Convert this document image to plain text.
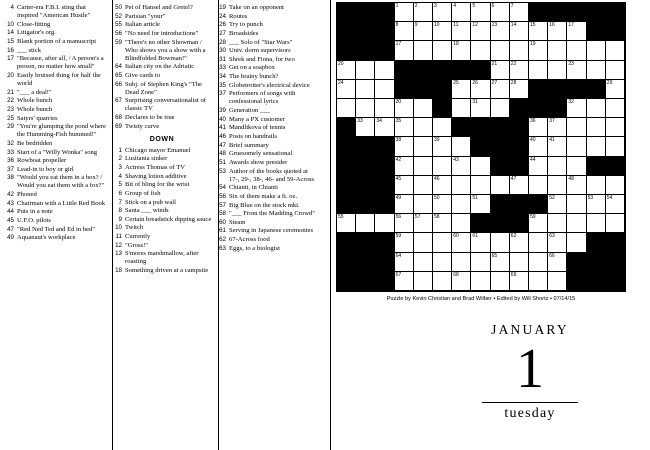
4 Carter-era F.B.I. sting that inspired "American Hustle"
10 Close-fitting
14 Litigator's org.
15 Blank portion of a manuscript
16 ___ stick
17 "Because, after all, / A person's a person, no matter how small"
20 Easily bruised thing for half the world
21 "___ a deal!"
22 Whole bunch
23 Whole bunch
25 Satyrs' quarries
29 "You're glumping the pond where the Humming-Fish hummed!"
32 Be bedridden
33 Start of a "Willy Wonka" song
36 Rowboat propeller
37 Lead-in to boy or girl
38 "Would you eat them in a box? / Would you eat them with a fox?"
42 Phoned
43 Chairman with a Little Red Book
44 Puts in a note
45 U.F.O. pilots
47 "Red Ned Ted and Ed in bed"
49 Aquanaut's workplace
50 Pet of Hansel and Gretel?
52 Parisian "your"
55 Italian article
56 "No need for introductions"
59 "There's no other Showman / Who shows you a show with a Blindfolded Bowman!"
64 Italian city on the Adriatic
65 Give cards to
66 Subj. of Stephen King's "The Dead Zone"
67 Surprising conversationalist of classic TV
68 Declares to be true
69 Twisty curve
DOWN
1 Chicago mayor Emanuel
2 Lusitania sinker
3 Actress Thomas of TV
4 Shaving lotion additive
5 Bit of bling for the wrist
6 Group of fish
7 Stick on a pub wall
8 Santa ___ winds
9 Certain breadstick dipping sauce
10 Twitch
11 Currently
12 "Gross!"
13 S'mores marshmallow, after roasting
18 Something driven at a campsite
19 Take on an opponent
24 Routes
26 Try to punch
27 Broadsides
28 ___ Solo of "Star Wars"
30 Univ. dorm supervisors
31 Shrek and Fiona, for two
33 Get on a soapbox
34 The brainy bunch?
35 Globetrotter's electrical device
37 Performers of songs with confessional lyrics
39 Generation ___
40 Many a PX customer
41 Mandlikova of tennis
46 Posts on handrails
47 Brief summary
48 Gruesomely sensational
51 Awards show presider
53 Author of the books quoted at 17-, 29-, 38-, 46- and 59-Across
54 Chianti, in Chianti
56 Six of them make a ft. oz.
57 Big Blue on the stock mkt.
58 "___ From the Madding Crowd"
60 Steam
61 Serving in Japanese ceremonies
62 67-Across food
63 Eggs, to a biologist
1	2	3	4	5	6	7
8	9	10	11	12	13	14	15	16	17
17	18	19
20	21	22	23
24	25	26	27	28	29
30	31	32
33	34	35	36	37
38	39	40	41
42	43	44
45	46	47	48
49	50	51	52	53	54
55	56	57	58	59
59	60	61	62	63
64	65	66
67	68	69
Puzzle by Kevin Christian and Brad Wilber • Edited by Will Shortz • 07/14/15
JANUARY
1
tuesday
